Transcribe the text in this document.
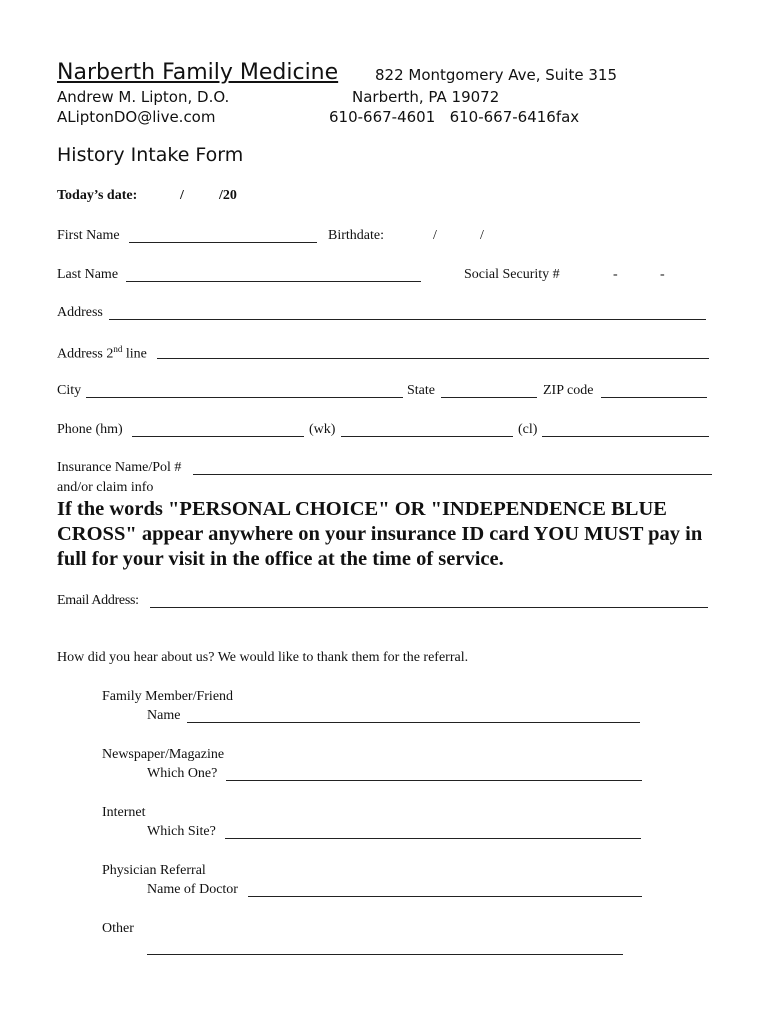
Narberth Family Medicine 822 Montgomery Ave, Suite 315
Andrew M. Lipton, D.O.	Narberth, PA 19072
ALiptonDO@live.com	610-667-4601   610-667-6416fax
History Intake Form
Today’s date:	/	/20
First Name	Birthdate:	/	/
Last Name	Social Security #	-	-
Address
Address 2nd line
City	State	ZIP code
Phone (hm)	(wk)	(cl)
Insurance Name/Pol #
and/or claim info
If the words "PERSONAL CHOICE" OR "INDEPENDENCE BLUE
CROSS" appear anywhere on your insurance ID card YOU MUST pay in
full for your visit in the office at the time of service.
Email Address:
How did you hear about us? We would like to thank them for the referral.
Family Member/Friend
Name
Newspaper/Magazine
Which One?
Internet
Which Site?
Physician Referral
Name of Doctor
Other
